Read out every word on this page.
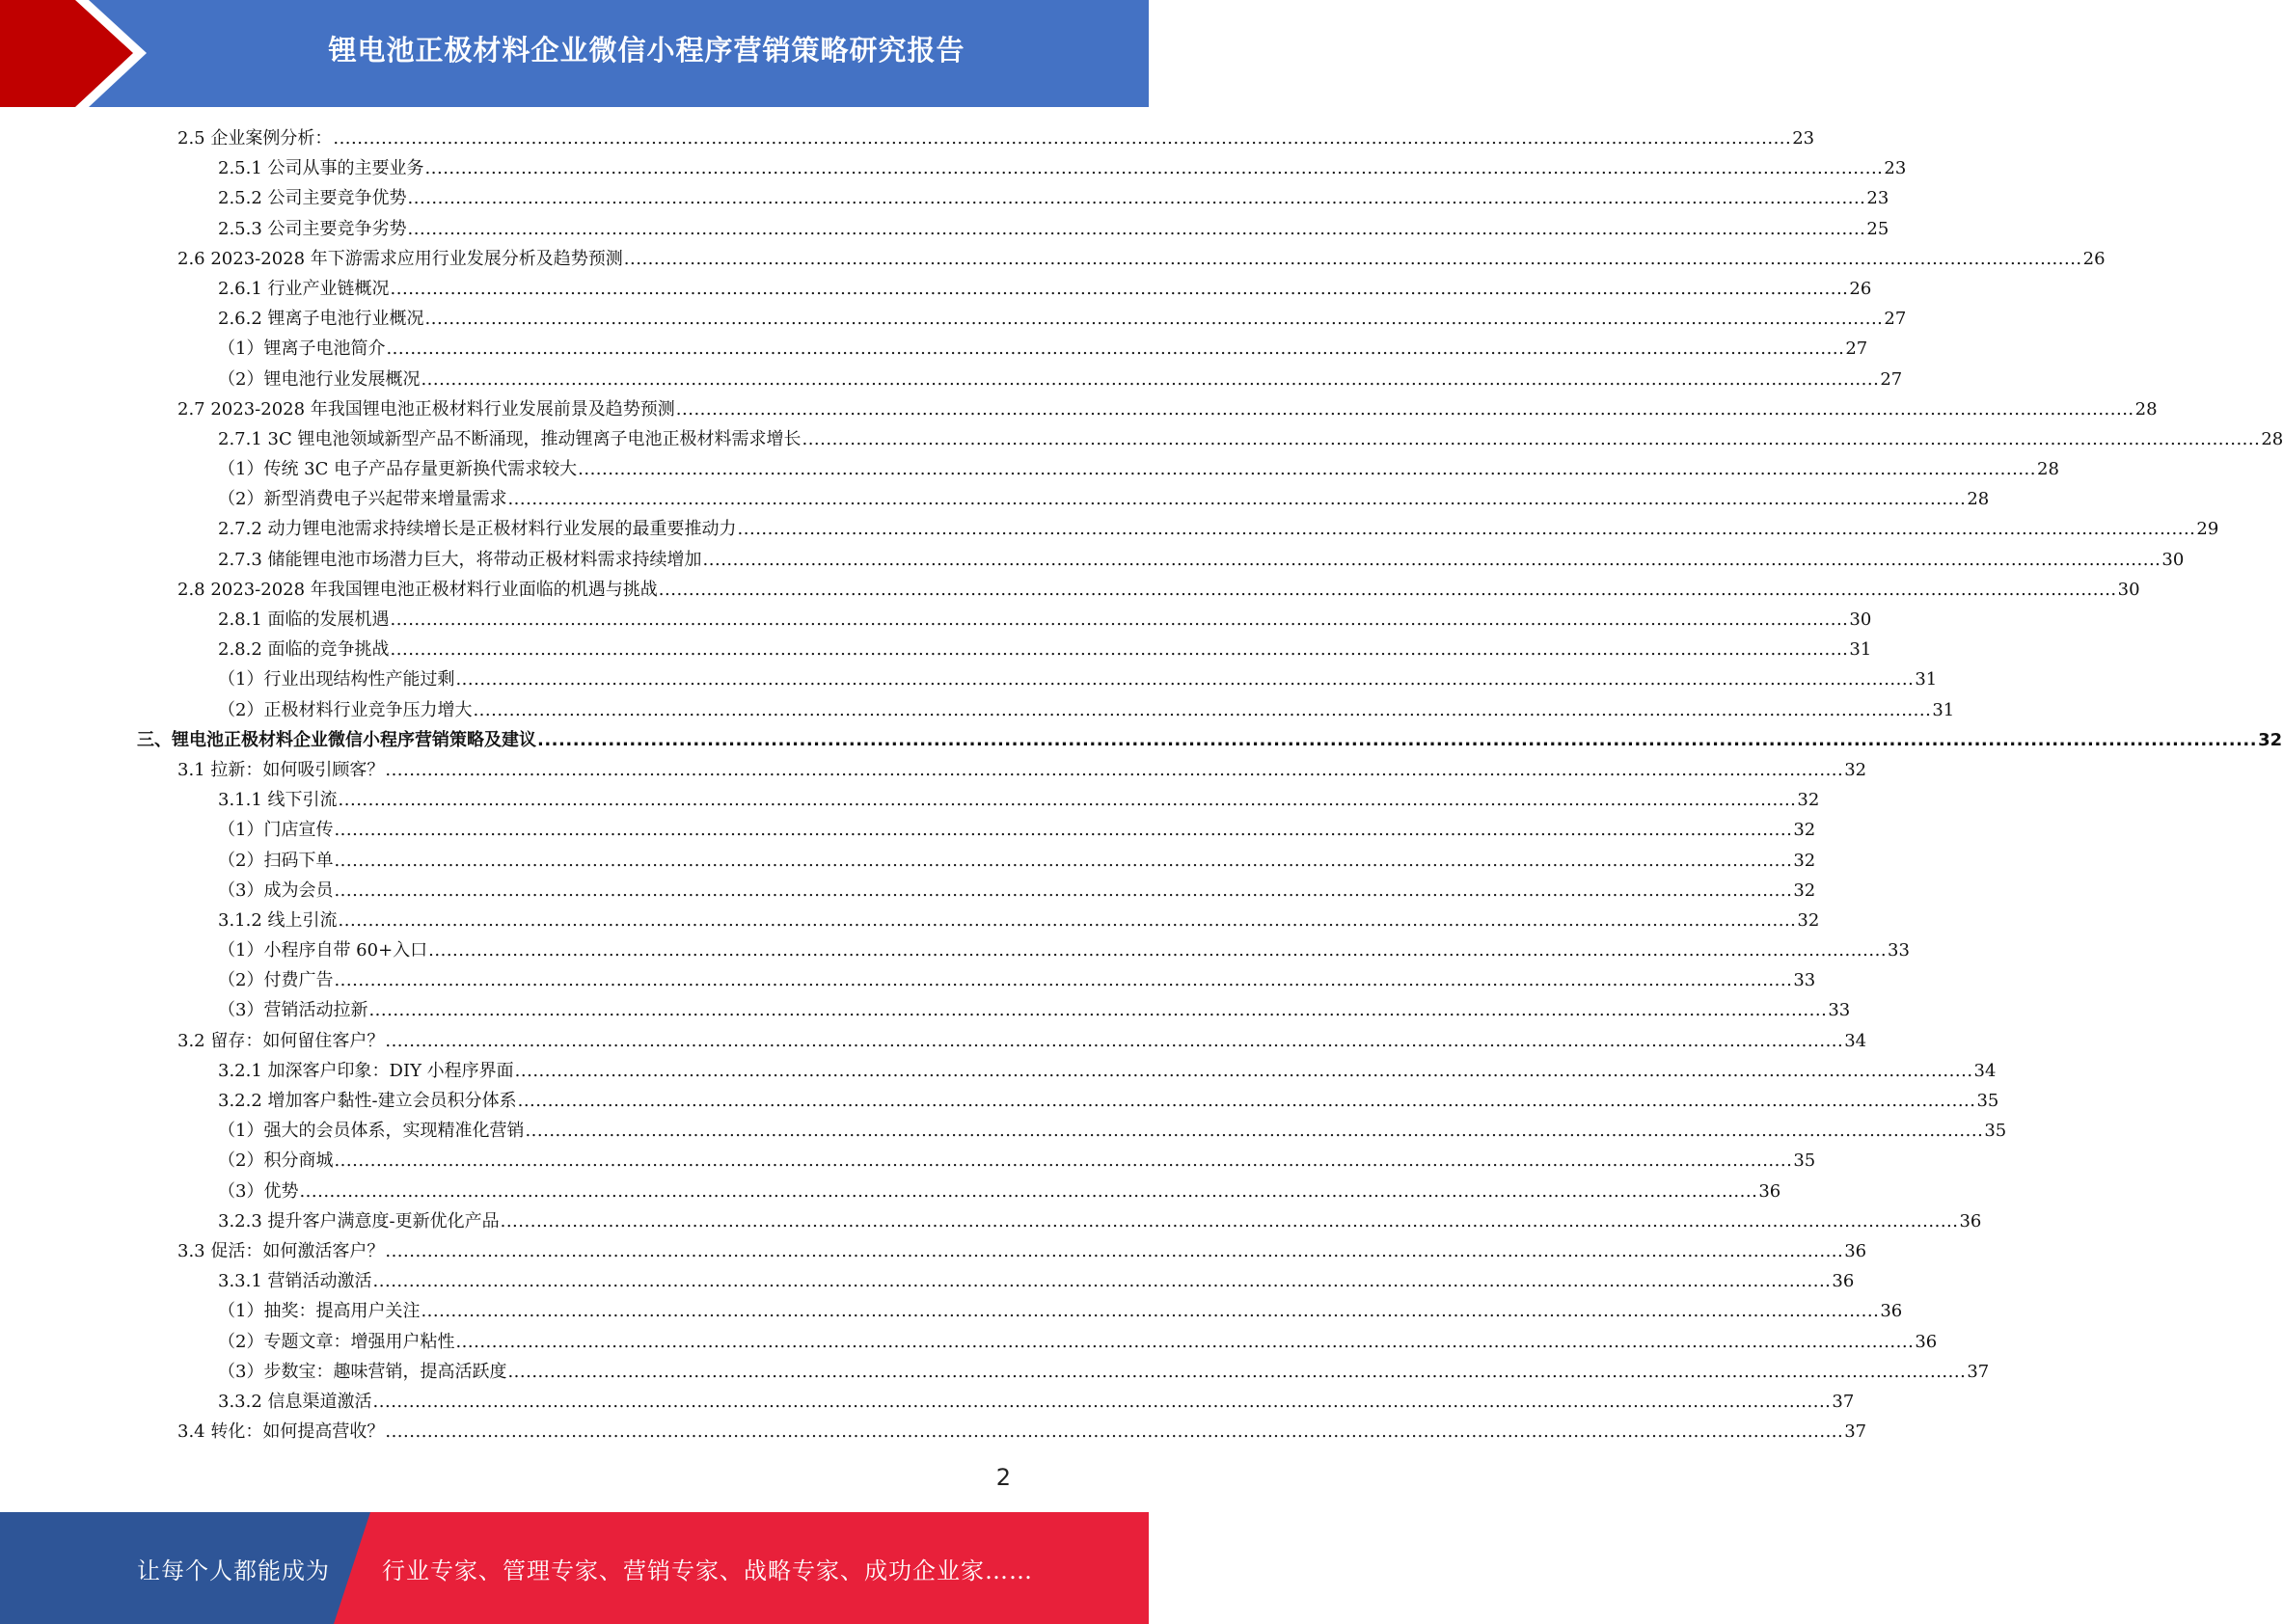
锂电池正极材料企业微信小程序营销策略研究报告
2.5 企业案例分析： .....	23
2.5.1 公司从事的主要业务 .....	23
2.5.2 公司主要竞争优势 .....	23
2.5.3 公司主要竞争劣势 .....	25
2.6 2023-2028 年下游需求应用行业发展分析及趋势预测 .....	26
2.6.1 行业产业链概况 .....	26
2.6.2 锂离子电池行业概况 .....	27
（1）锂离子电池简介 .....	27
（2）锂电池行业发展概况 .....	27
2.7 2023-2028 年我国锂电池正极材料行业发展前景及趋势预测 .....	28
2.7.1 3C 锂电池领域新型产品不断涌现，推动锂离子电池正极材料需求增长 .....	28
（1）传统 3C 电子产品存量更新换代需求较大 .....	28
（2）新型消费电子兴起带来增量需求 .....	28
2.7.2 动力锂电池需求持续增长是正极材料行业发展的最重要推动力 .....	29
2.7.3 储能锂电池市场潜力巨大，将带动正极材料需求持续增加 .....	30
2.8 2023-2028 年我国锂电池正极材料行业面临的机遇与挑战 .....	30
2.8.1 面临的发展机遇 .....	30
2.8.2 面临的竞争挑战 .....	31
（1）行业出现结构性产能过剩 .....	31
（2）正极材料行业竞争压力增大 .....	31
三、锂电池正极材料企业微信小程序营销策略及建议 .....	32
3.1 拉新：如何吸引顾客？ .....	32
3.1.1 线下引流 .....	32
（1）门店宣传 .....	32
（2）扫码下单 .....	32
（3）成为会员 .....	32
3.1.2 线上引流 .....	32
（1）小程序自带 60+入口 .....	33
（2）付费广告 .....	33
（3）营销活动拉新 .....	33
3.2 留存：如何留住客户？ .....	34
3.2.1 加深客户印象：DIY 小程序界面 .....	34
3.2.2 增加客户黏性-建立会员积分体系 .....	35
（1）强大的会员体系，实现精准化营销 .....	35
（2）积分商城 .....	35
（3）优势 .....	36
3.2.3 提升客户满意度-更新优化产品 .....	36
3.3 促活：如何激活客户？ .....	36
3.3.1 营销活动激活 .....	36
（1）抽奖：提高用户关注 .....	36
（2）专题文章：增强用户粘性 .....	36
（3）步数宝：趣味营销，提高活跃度 .....	37
3.3.2 信息渠道激活 .....	37
3.4 转化：如何提高营收？ .....	37
2
让每个人都能成为 行业专家、管理专家、营销专家、战略专家、成功企业家……
